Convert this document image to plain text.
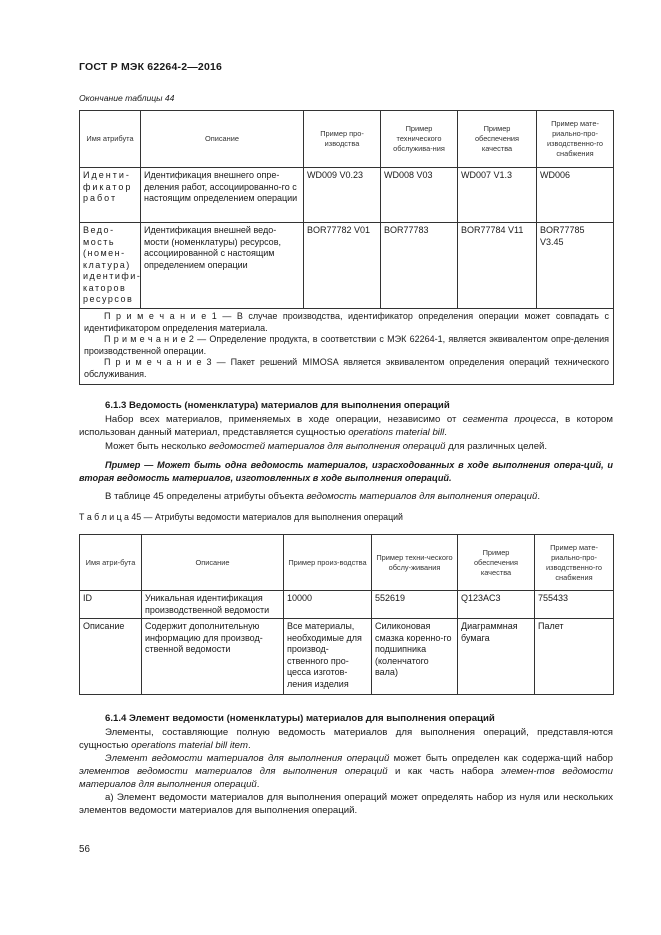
ГОСТ Р МЭК 62264-2—2016
Окончание таблицы 44
Имя атрибута	Описание	Пример про-изводства	Пример технического обслужива-ния	Пример обеспечения качества	Пример мате-риально-про-изводственно-го снабжения
Иденти-фикатор работ	Идентификация внешнего опре-деления работ, ассоциированно-го с настоящим определением операции	WD009 V0.23	WD008 V03	WD007 V1.3	WD006
Ведо-мость (номен-клатура) идентифи-каторов ресурсов	Идентификация внешней ведо-мости (номенклатуры) ресурсов, ассоциированной с настоящим определением операции	BOR77782 V01	BOR77783	BOR77784 V11	BOR77785 V3.45

П р и м е ч а н и е 1 — В случае производства, идентификатор определения операции может совпадать с идентификатором определения материала.
П р и м е ч а н и е 2 — Определение продукта, в соответствии с МЭК 62264-1, является эквивалентом опре-деления производственной операции.
П р и м е ч а н и е 3 — Пакет решений MIMOSA является эквивалентом определения операций технического обслуживания.					
6.1.3 Ведомость (номенклатура) материалов для выполнения операций
Набор всех материалов, применяемых в ходе операции, независимо от сегмента процесса, в котором использован данный материал, представляется сущностью operations material bill.
Может быть несколько ведомостей материалов для выполнения операций для различных целей.
Пример — Может быть одна ведомость материалов, израсходованных в ходе выполнения опера-ций, и вторая ведомость материалов, изготовленных в ходе выполнения операций.
В таблице 45 определены атрибуты объекта ведомость материалов для выполнения операций.
Т а б л и ц а 45 — Атрибуты ведомости материалов для выполнения операций
Имя атри-бута	Описание	Пример произ-водства	Пример техни-ческого обслу-живания	Пример обеспечения качества	Пример мате-риально-про-изводственно-го снабжения
ID	Уникальная идентификация производственной ведомости	10000	552619	Q123AC3	755433
Описание	Содержит дополнительную информацию для производ-ственной ведомости	Все материалы, необходимые для производ-ственного про-цесса изготов-ления изделия	Силиконовая смазка коренно-го подшипника (коленчатого вала)	Диаграммная бумага	Палет
6.1.4 Элемент ведомости (номенклатуры) материалов для выполнения операций
Элементы, составляющие полную ведомость материалов для выполнения операций, представля-ются сущностью operations material bill item.
Элемент ведомости материалов для выполнения операций может быть определен как содержа-щий набор элементов ведомости материалов для выполнения операций и как часть набора элемен-тов ведомости материалов для выполнения операций.
а) Элемент ведомости материалов для выполнения операций может определять набор из нуля или нескольких элементов ведомости материалов для выполнения операций.
56
